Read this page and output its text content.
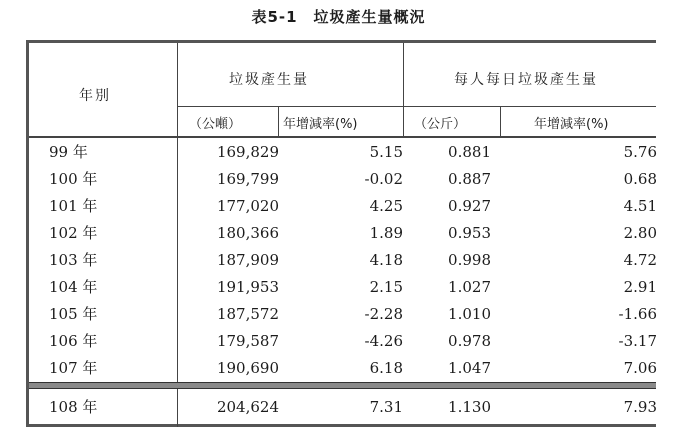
表5-1　垃圾產生量概況
年別
垃圾產生量	每人每日垃圾產生量
（公噸）	年增減率(%)	（公斤）	年增減率(%)
99 年	169,829	5.15	0.881	5.76
100 年	169,799	-0.02	0.887	0.68
101 年	177,020	4.25	0.927	4.51
102 年	180,366	1.89	0.953	2.80
103 年	187,909	4.18	0.998	4.72
104 年	191,953	2.15	1.027	2.91
105 年	187,572	-2.28	1.010	-1.66
106 年	179,587	-4.26	0.978	-3.17
107 年	190,690	6.18	1.047	7.06
108 年	204,624	7.31	1.130	7.93
